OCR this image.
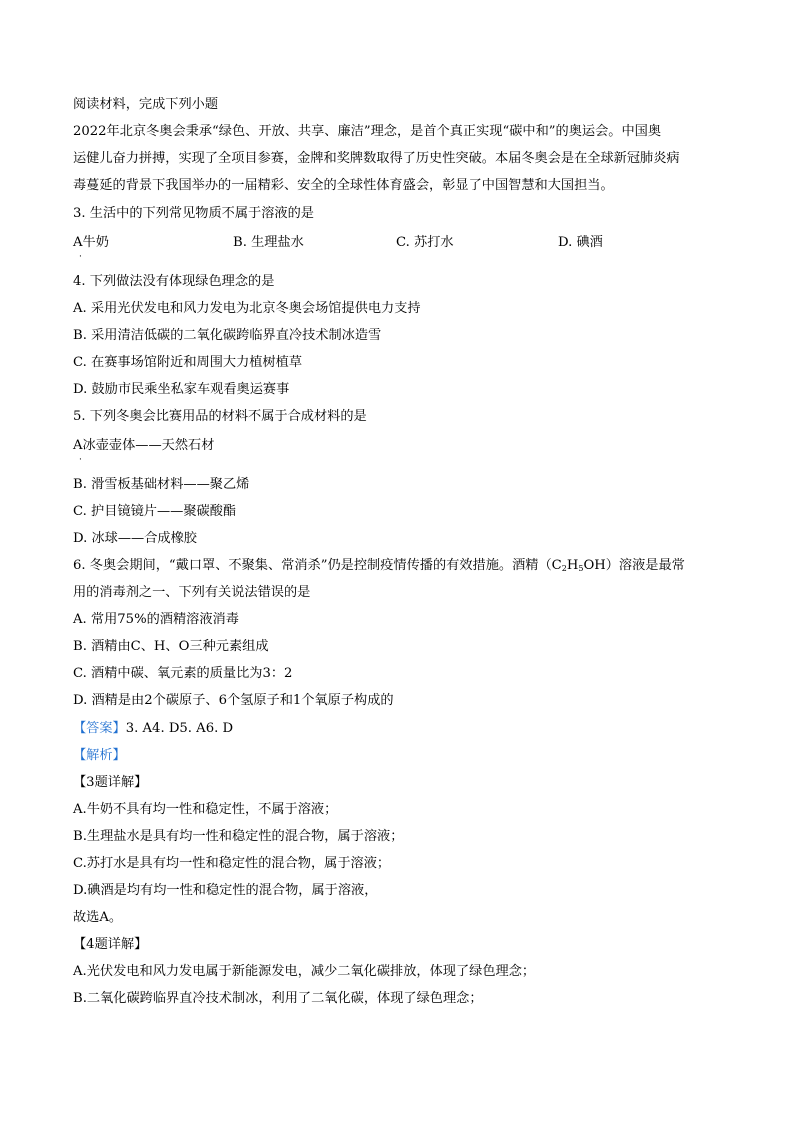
阅读材料，完成下列小题
2022年北京冬奥会秉承“绿色、开放、共享、廉洁”理念，是首个真正实现“碳中和”的奥运会。中国奥
运健儿奋力拼搏，实现了全项目参赛，金牌和奖牌数取得了历史性突破。本届冬奥会是在全球新冠肺炎病
毒蔓延的背景下我国举办的一届精彩、安全的全球性体育盛会，彰显了中国智慧和大国担当。
3. 生活中的下列常见物质不属于溶液的是
A牛奶
·
B. 生理盐水	C. 苏打水	D. 碘酒
4. 下列做法没有体现绿色理念的是
A. 采用光伏发电和风力发电为北京冬奥会场馆提供电力支持
B. 采用清洁低碳的二氧化碳跨临界直冷技术制冰造雪
C. 在赛事场馆附近和周围大力植树植草
D. 鼓励市民乘坐私家车观看奥运赛事
5. 下列冬奥会比赛用品的材料不属于合成材料的是
A冰壶壶体——天然石材
·
B. 滑雪板基础材料——聚乙烯
C. 护目镜镜片——聚碳酸酯
D. 冰球——合成橡胶
6. 冬奥会期间，“戴口罩、不聚集、常消杀”仍是控制疫情传播的有效措施。酒精$(C_2H_5OH)$溶液是最常
用的消毒剂之一、下列有关说法错误的是
A. 常用75%的酒精溶液消毒
B. 酒精由C、H、O三种元素组成
C. 酒精中碳、氧元素的质量比为3：2
D. 酒精是由2个碳原子、6个氢原子和1个氧原子构成的
【答案】3. A4. D5. A6. D
【解析】
【3题详解】
A.牛奶不具有均一性和稳定性，不属于溶液；
B.生理盐水是具有均一性和稳定性的混合物，属于溶液；
C.苏打水是具有均一性和稳定性的混合物，属于溶液；
D.碘酒是均有均一性和稳定性的混合物，属于溶液，
故选A。
【4题详解】
A.光伏发电和风力发电属于新能源发电，减少二氧化碳排放，体现了绿色理念；
B.二氧化碳跨临界直冷技术制冰，利用了二氧化碳，体现了绿色理念；
